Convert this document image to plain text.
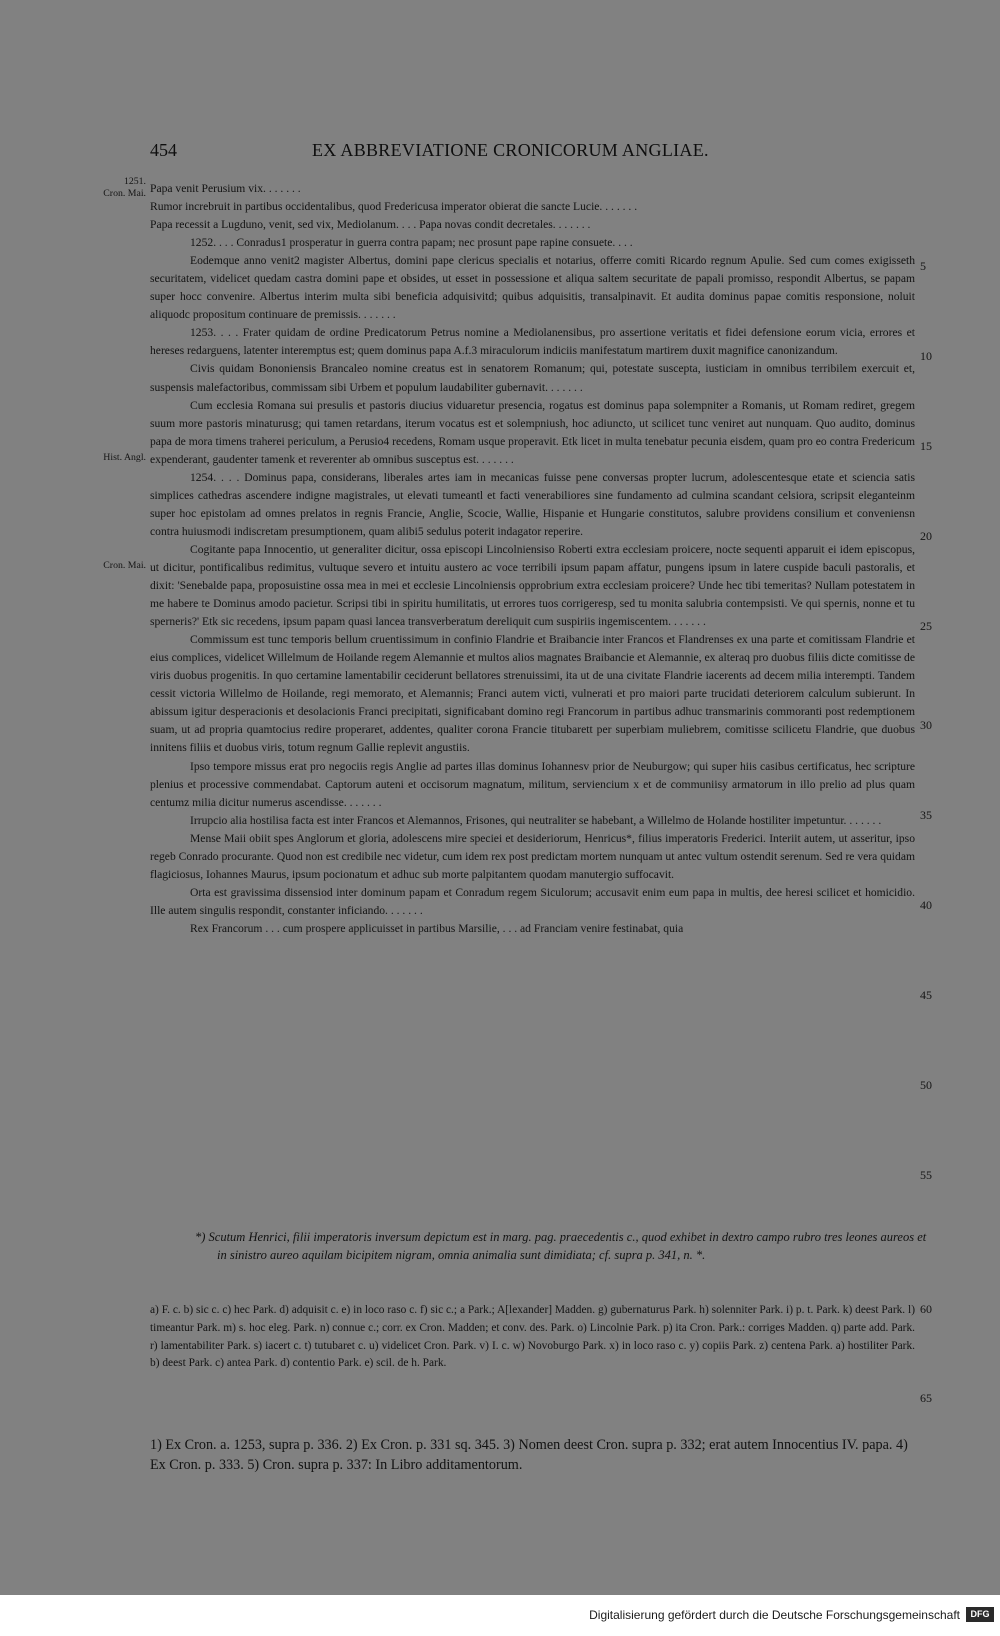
454	EX ABBREVIATIONE CRONICORUM ANGLIAE.
1251.
Cron. Mai.
Hist. Angl.
Cron. Mai.
5
10
15
20
25
30
35
40
45
50
55
60
65

Papa venit Perusium vix. . . . . . .

Rumor increbruit in partibus occidentalibus, quod Fredericusa imperator obierat die sancte Lucie. . . . . . .

Papa recessit a Lugduno, venit, sed vix, Mediolanum. . . . Papa novas condit decretales. . . . . . .

1252. . . . Conradus1 prosperatur in guerra contra papam; nec prosunt pape rapine consuete. . . .

Eodemque anno venit2 magister Albertus, domini pape clericus specialis et notarius, offerre comiti Ricardo regnum Apulie. Sed cum comes exigisseth securitatem, videlicet quedam castra domini pape et obsides, ut esset in possessione et aliqua saltem securitate de papali promisso, respondit Albertus, se papam super hocc convenire. Albertus interim multa sibi beneficia adquisivitd; quibus adquisitis, transalpinavit. Et audita dominus papae comitis responsione, noluit aliquodc propositum continuare de premissis. . . . . . .

1253. . . . Frater quidam de ordine Predicatorum Petrus nomine a Mediolanensibus, pro assertione veritatis et fidei defensione eorum vicia, errores et hereses redarguens, latenter interemptus est; quem dominus papa A.f.3 miraculorum indiciis manifestatum martirem duxit magnifice canonizandum.

Civis quidam Bononiensis Brancaleo nomine creatus est in senatorem Romanum; qui, potestate suscepta, iusticiam in omnibus terribilem exercuit et, suspensis malefactoribus, commissam sibi Urbem et populum laudabiliter gubernavit. . . . . . .

Cum ecclesia Romana sui presulis et pastoris diucius viduaretur presencia, rogatus est dominus papa solempniter a Romanis, ut Romam rediret, gregem suum more pastoris minaturusg; qui tamen retardans, iterum vocatus est et solempniush, hoc adiuncto, ut scilicet tunc veniret aut nunquam. Quo audito, dominus papa de mora timens traherei periculum, a Perusio4 recedens, Romam usque properavit. Etk licet in multa tenebatur pecunia eisdem, quam pro eo contra Fredericum expenderant, gaudenter tamenk et reverenter ab omnibus susceptus est. . . . . . .

1254. . . . Dominus papa, considerans, liberales artes iam in mecanicas fuisse pene conversas propter lucrum, adolescentesque etate et sciencia satis simplices cathedras ascendere indigne magistrales, ut elevati tumeantl et facti venerabiliores sine fundamento ad culmina scandant celsiora, scripsit eleganteinm super hoc epistolam ad omnes prelatos in regnis Francie, Anglie, Scocie, Wallie, Hispanie et Hungarie constitutos, salubre providens consilium et conveniensn contra huiusmodi indiscretam presumptionem, quam alibi5 sedulus poterit indagator reperire.

Cogitante papa Innocentio, ut generaliter dicitur, ossa episcopi Lincolniensiso Roberti extra ecclesiam proicere, nocte sequenti apparuit ei idem episcopus, ut dicitur, pontificalibus redimitus, vultuque severo et intuitu austero ac voce terribili ipsum papam affatur, pungens ipsum in latere cuspide baculi pastoralis, et dixit: 'Senebalde papa, proposuistine ossa mea in mei et ecclesie Lincolniensis opprobrium extra ecclesiam proicere? Unde hec tibi temeritas? Nullam potestatem in me habere te Dominus amodo pacietur. Scripsi tibi in spiritu humilitatis, ut errores tuos corrigeresp, sed tu monita salubria contempsisti. Ve qui spernis, nonne et tu sperneris?' Etk sic recedens, ipsum papam quasi lancea transverberatum dereliquit cum suspiriis ingemiscentem. . . . . . .

Commissum est tunc temporis bellum cruentissimum in confinio Flandrie et Braibancie inter Francos et Flandrenses ex una parte et comitissam Flandrie et eius complices, videlicet Willelmum de Hoilande regem Alemannie et multos alios magnates Braibancie et Alemannie, ex alteraq pro duobus filiis dicte comitisse de viris duobus progenitis. In quo certamine lamentabilir ceciderunt bellatores strenuissimi, ita ut de una civitate Flandrie iacerents ad decem milia interempti. Tandem cessit victoria Willelmo de Hoilande, regi memorato, et Alemannis; Franci autem victi, vulnerati et pro maiori parte trucidati deteriorem calculum subierunt. In abissum igitur desperacionis et desolacionis Franci precipitati, significabant domino regi Francorum in partibus adhuc transmarinis commoranti post redemptionem suam, ut ad propria quamtocius redire properaret, addentes, qualiter corona Francie titubarett per superbiam muliebrem, comitisse scilicetu Flandrie, que duobus innitens filiis et duobus viris, totum regnum Gallie replevit angustiis.

Ipso tempore missus erat pro negociis regis Anglie ad partes illas dominus Iohannesv prior de Neuburgow; qui super hiis casibus certificatus, hec scripture plenius et processive commendabat. Captorum auteni et occisorum magnatum, militum, serviencium x et de communiisy armatorum in illo prelio ad plus quam centumz milia dicitur numerus ascendisse. . . . . . .

Irrupcio alia hostilisa facta est inter Francos et Alemannos, Frisones, qui neutraliter se habebant, a Willelmo de Holande hostiliter impetuntur. . . . . . .

Mense Maii obiit spes Anglorum et gloria, adolescens mire speciei et desideriorum, Henricus*, filius imperatoris Frederici. Interiit autem, ut asseritur, ipso regeb Conrado procurante. Quod non est credibile nec videtur, cum idem rex post predictam mortem nunquam ut antec vultum ostendit serenum. Sed re vera quidam flagiciosus, Iohannes Maurus, ipsum pocionatum et adhuc sub morte palpitantem quodam manutergio suffocavit.

Orta est gravissima dissensiod inter dominum papam et Conradum regem Siculorum; accusavit enim eum papa in multis, dee heresi scilicet et homicidio. Ille autem singulis respondit, constanter inficiando. . . . . . .

Rex Francorum . . . cum prospere applicuisset in partibus Marsilie, . . . ad Franciam venire festinabat, quia

*) Scutum Henrici, filii imperatoris inversum depictum est in marg. pag. praecedentis c., quod exhibet in dextro campo rubro tres leones aureos et in sinistro aureo aquilam bicipitem nigram, omnia animalia sunt dimidiata; cf. supra p. 341, n. *.

a) F. c. b) sic c. c) hec Park. d) adquisit c. e) in loco raso c. f) sic c.; a Park.; A[lexander] Madden. g) gubernaturus Park. h) solenniter Park. i) p. t. Park. k) deest Park. l) timeantur Park. m) s. hoc eleg. Park. n) connue c.; corr. ex Cron. Madden; et conv. des. Park. o) Lincolnie Park. p) ita Cron. Park.: corriges Madden. q) parte add. Park. r) lamentabiliter Park. s) iacert c. t) tutubaret c. u) videlicet Cron. Park. v) I. c. w) Novoburgo Park. x) in loco raso c. y) copiis Park. z) centena Park. a) hostiliter Park. b) deest Park. c) antea Park. d) contentio Park. e) scil. de h. Park.

1) Ex Cron. a. 1253, supra p. 336. 2) Ex Cron. p. 331 sq. 345. 3) Nomen deest Cron. supra p. 332; erat autem Innocentius IV. papa. 4) Ex Cron. p. 333. 5) Cron. supra p. 337: In Libro additamentorum.

Digitalisierung gefördert durch die Deutsche Forschungsgemeinschaft	DFG
